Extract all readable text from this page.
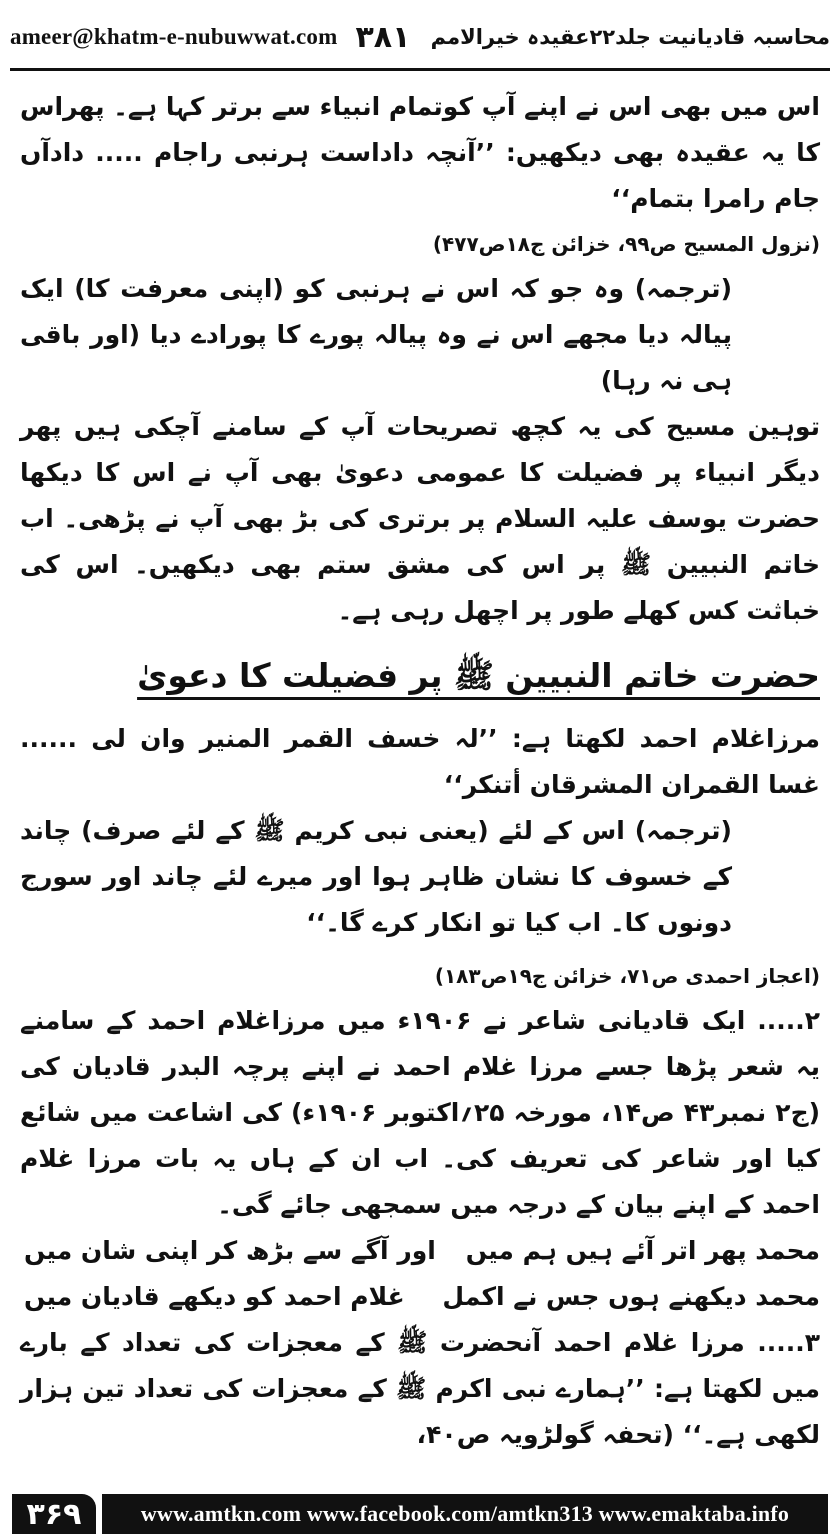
ameer@khatm-e-nubuwwat.com ۳۸۱ محاسبہ قادیانیت جلد۲۲عقیدہ خیرالامم

اس میں بھی اس نے اپنے آپ کوتمام انبیاء سے برتر کہا ہے۔ پھراس کا یہ عقیدہ بھی دیکھیں: ’’آنچہ داداست ہرنبی راجام ..... دادآں جام رامرا بتمام‘‘

(نزول المسیح ص۹۹، خزائن ج۱۸ص۴۷۷)

(ترجمہ) وہ جو کہ اس نے ہرنبی کو (اپنی معرفت کا) ایک پیالہ دیا مجھے اس نے وہ پیالہ پورے کا پورادے دیا (اور باقی ہی نہ رہا)

توہین مسیح کی یہ کچھ تصریحات آپ کے سامنے آچکی ہیں پھر دیگر انبیاء پر فضیلت کا عمومی دعویٰ بھی آپ نے اس کا دیکھا حضرت یوسف علیہ السلام پر برتری کی بڑ بھی آپ نے پڑھی۔ اب خاتم النبیین ﷺ پر اس کی مشق ستم بھی دیکھیں۔ اس کی خباثت کس کھلے طور پر اچھل رہی ہے۔

حضرت خاتم النبیین ﷺ پر فضیلت کا دعویٰ

مرزاغلام احمد لکھتا ہے: ’’لہ خسف القمر المنیر وان لی ...... غسا القمران المشرقان أتنکر‘‘

(ترجمہ) اس کے لئے (یعنی نبی کریم ﷺ کے لئے صرف) چاند کے خسوف کا نشان ظاہر ہوا اور میرے لئے چاند اور سورج دونوں کا۔ اب کیا تو انکار کرے گا۔‘‘

(اعجاز احمدی ص۷۱، خزائن ج۱۹ص۱۸۳)

۲..... ایک قادیانی شاعر نے ۱۹۰۶ء میں مرزاغلام احمد کے سامنے یہ شعر پڑھا جسے مرزا غلام احمد نے اپنے پرچہ البدر قادیان کی (ج۲ نمبر۴۳ ص۱۴، مورخہ ۲۵؍اکتوبر ۱۹۰۶ء) کی اشاعت میں شائع کیا اور شاعر کی تعریف کی۔ اب ان کے ہاں یہ بات مرزا غلام احمد کے اپنے بیان کے درجہ میں سمجھی جائے گی۔

محمد پھر اتر آئے ہیں ہم میں
اور آگے سے بڑھ کر اپنی شان میں
محمد دیکھنے ہوں جس نے اکمل
غلام احمد کو دیکھے قادیان میں

۳..... مرزا غلام احمد آنحضرت ﷺ کے معجزات کی تعداد کے بارے میں لکھتا ہے: ’’ہمارے نبی اکرم ﷺ کے معجزات کی تعداد تین ہزار لکھی ہے۔‘‘ (تحفہ گولڑویہ ص۴۰،

۳۶۹	www.amtkn.com www.facebook.com/amtkn313 www.emaktaba.info
